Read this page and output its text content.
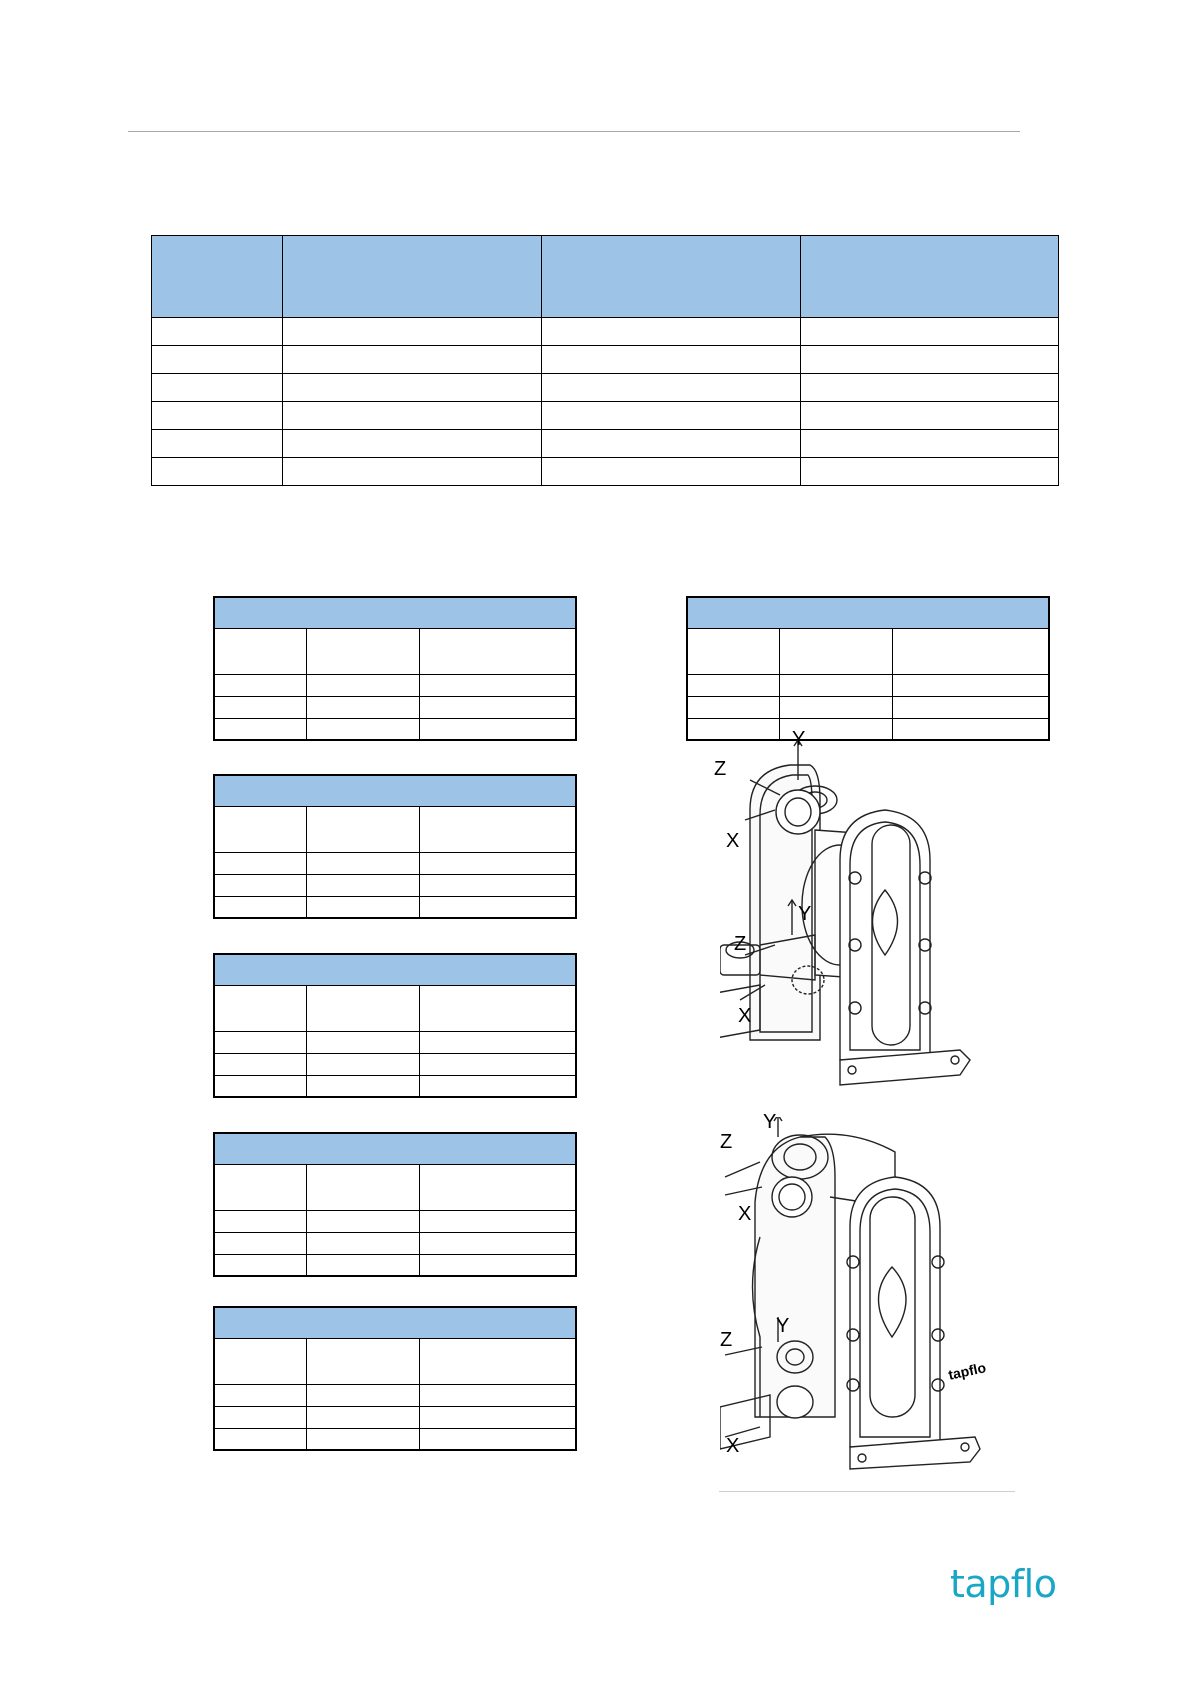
Y
Z
X
Y
Z
X
Y
Z
X
Y
Z
X
tapflo
tapflo
